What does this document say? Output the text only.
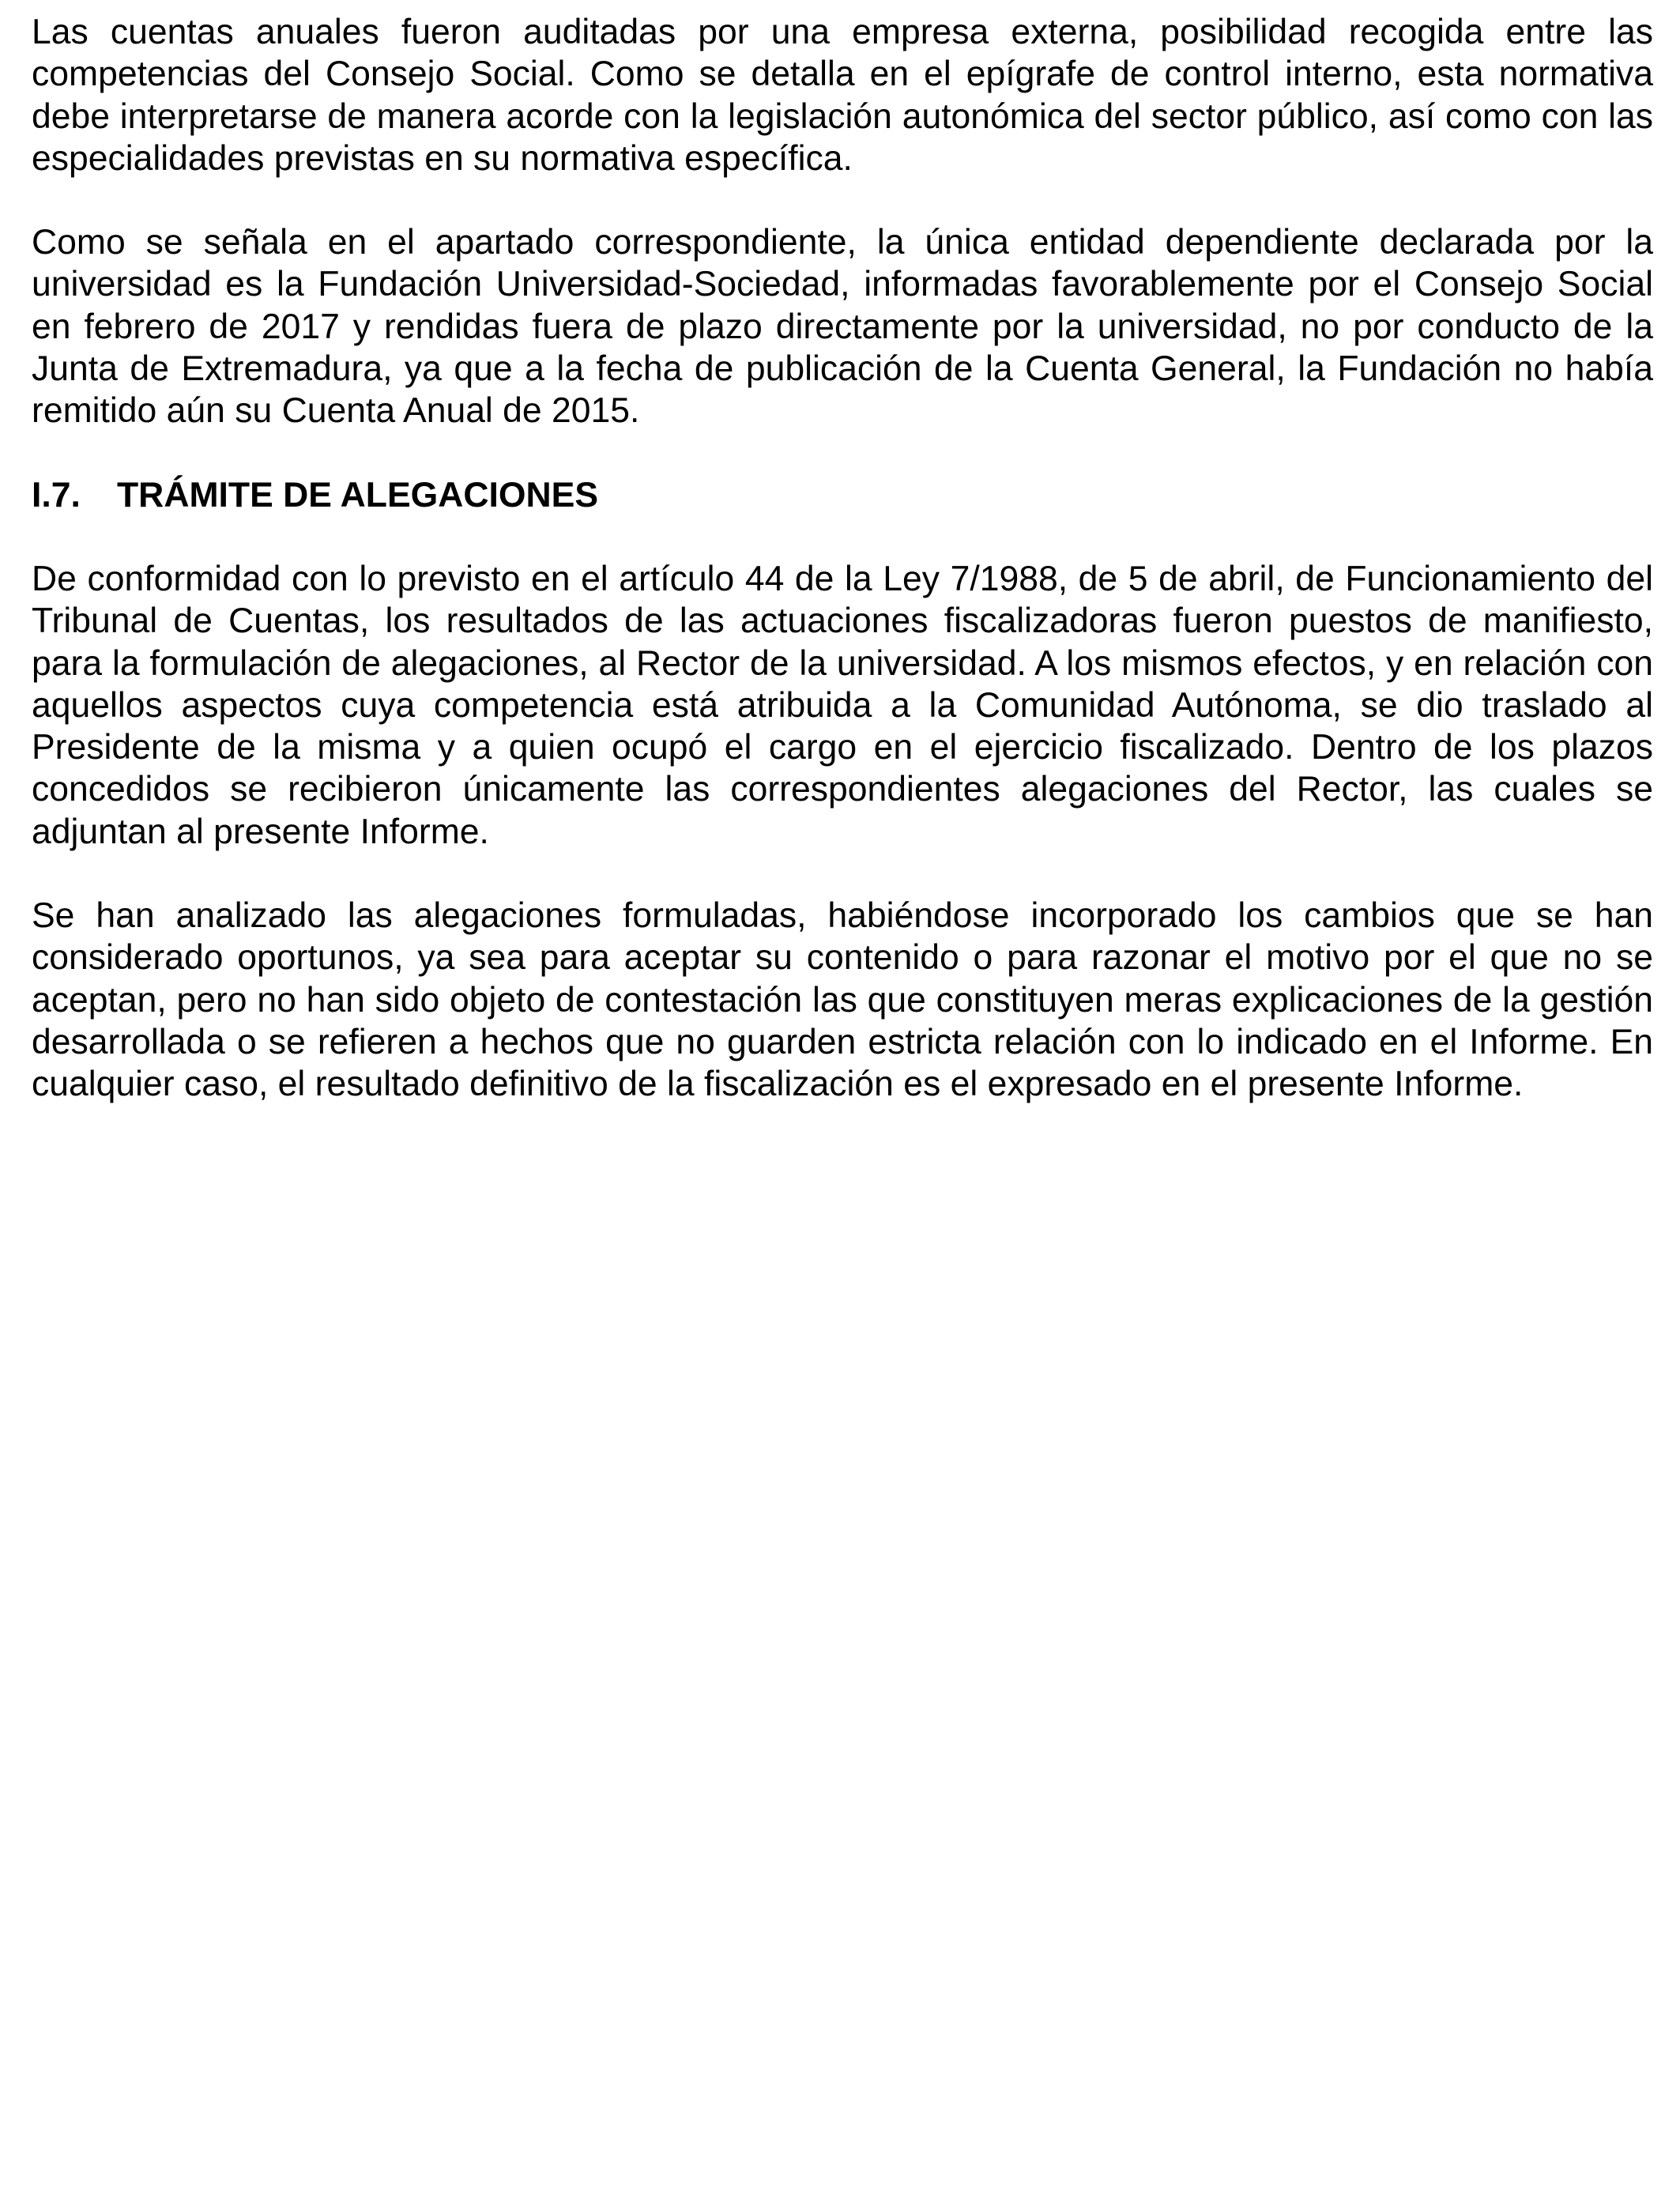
Las cuentas anuales fueron auditadas por una empresa externa, posibilidad recogida entre las competencias del Consejo Social. Como se detalla en el epígrafe de control interno, esta normativa debe interpretarse de manera acorde con la legislación autonómica del sector público, así como con las especialidades previstas en su normativa específica.

Como se señala en el apartado correspondiente, la única entidad dependiente declarada por la universidad es la Fundación Universidad-Sociedad, informadas favorablemente por el Consejo Social en febrero de 2017 y rendidas fuera de plazo directamente por la universidad, no por conducto de la Junta de Extremadura, ya que a la fecha de publicación de la Cuenta General, la Fundación no había remitido aún su Cuenta Anual de 2015.

I.7.	TRÁMITE DE ALEGACIONES

De conformidad con lo previsto en el artículo 44 de la Ley 7/1988, de 5 de abril, de Funcionamiento del Tribunal de Cuentas, los resultados de las actuaciones fiscalizadoras fueron puestos de manifiesto, para la formulación de alegaciones, al Rector de la universidad. A los mismos efectos, y en relación con aquellos aspectos cuya competencia está atribuida a la Comunidad Autónoma, se dio traslado al Presidente de la misma y a quien ocupó el cargo en el ejercicio fiscalizado. Dentro de los plazos concedidos se recibieron únicamente las correspondientes alegaciones del Rector, las cuales se adjuntan al presente Informe.

Se han analizado las alegaciones formuladas, habiéndose incorporado los cambios que se han considerado oportunos, ya sea para aceptar su contenido o para razonar el motivo por el que no se aceptan, pero no han sido objeto de contestación las que constituyen meras explicaciones de la gestión desarrollada o se refieren a hechos que no guarden estricta relación con lo indicado en el Informe. En cualquier caso, el resultado definitivo de la fiscalización es el expresado en el presente Informe.
